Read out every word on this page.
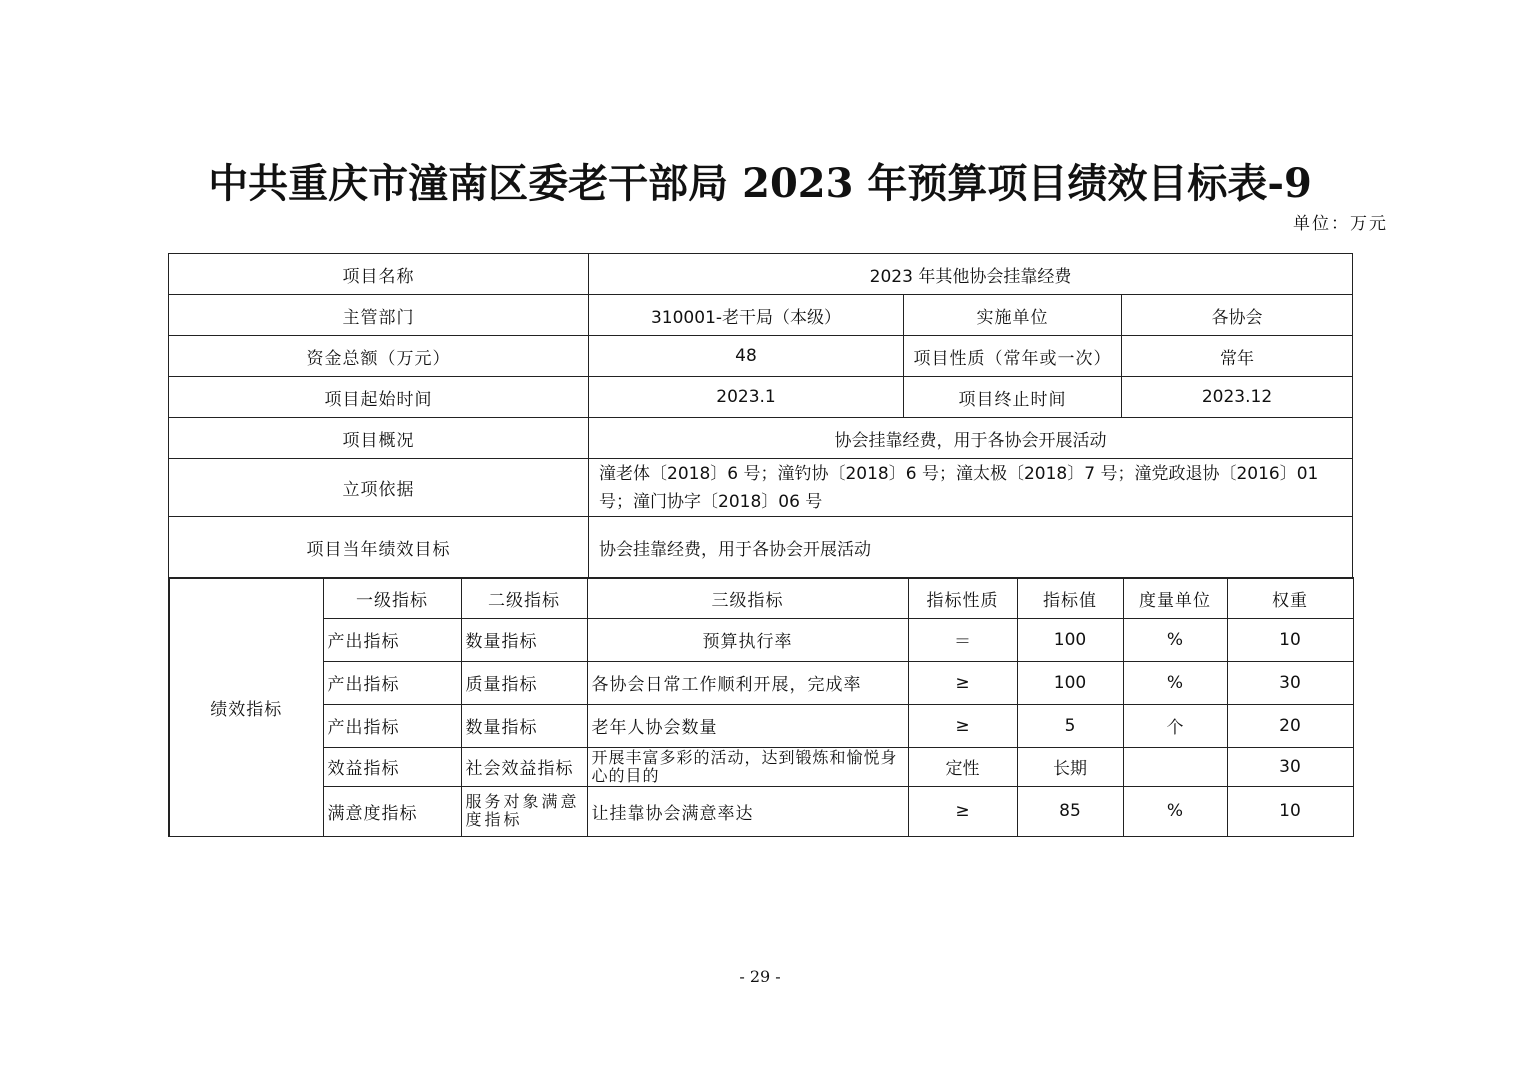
中共重庆市潼南区委老干部局 2023 年预算项目绩效目标表-9
单位：万元
项目名称	2023 年其他协会挂靠经费		
主管部门	310001-老干局（本级）	实施单位	各协会
资金总额（万元）	48	项目性质（常年或一次）	常年
项目起始时间	2023.1	项目终止时间	2023.12
项目概况	协会挂靠经费，用于各协会开展活动		
立项依据	潼老体〔2018〕6 号；潼钓协〔2018〕6 号；潼太极〔2018〕7 号；潼党政退协〔2016〕01 号；潼门协字〔2018〕06 号		
项目当年绩效目标	协会挂靠经费，用于各协会开展活动		
绩效指标	一级指标	二级指标	三级指标	指标性质	指标值	度量单位	权重
	产出指标	数量指标	预算执行率	＝	100	%	10
	产出指标	质量指标	各协会日常工作顺利开展，完成率	≥	100	%	30
	产出指标	数量指标	老年人协会数量	≥	5	个	20
	效益指标	社会效益指标	开展丰富多彩的活动，达到锻炼和愉悦身心的目的	定性	长期		30
	满意度指标	服务对象满意度指标	让挂靠协会满意率达	≥	85	%	10
- 29 -
